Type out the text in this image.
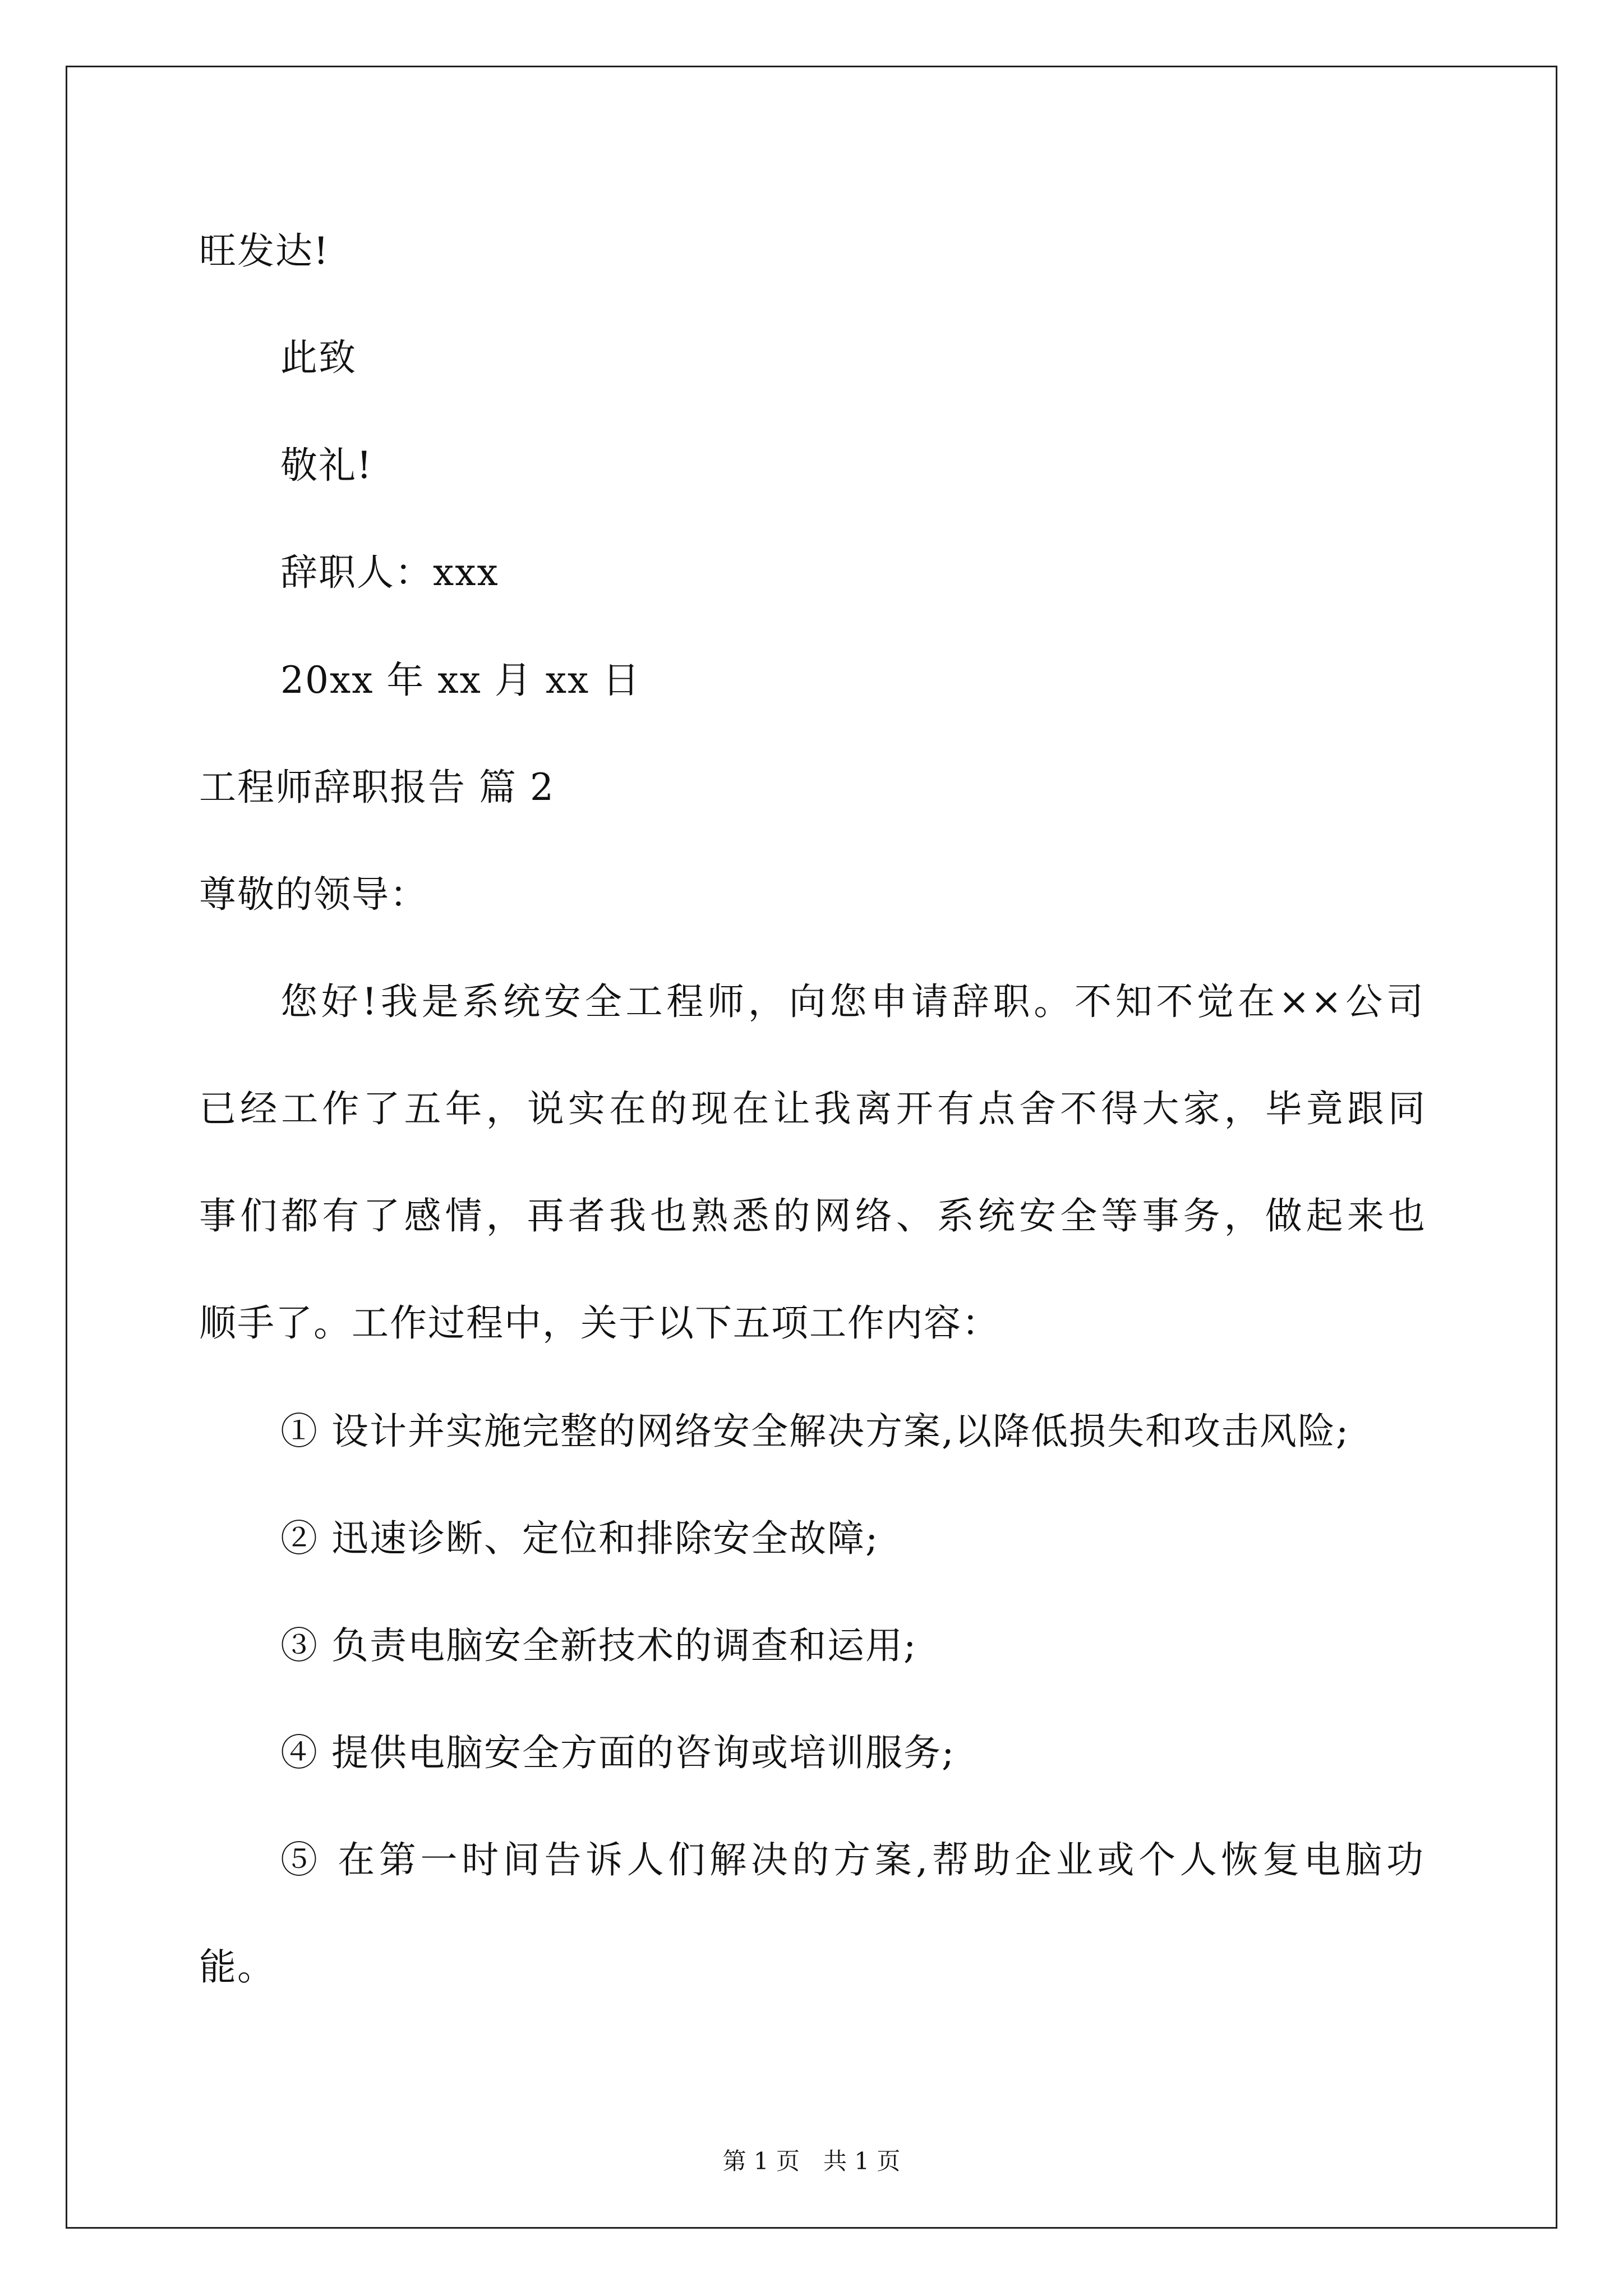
旺发达!
此致
敬礼!
辞职人：xxx
20xx 年 xx 月 xx 日
工程师辞职报告 篇 2
尊敬的领导：
您好!我是系统安全工程师，向您申请辞职。不知不觉在××公司
已经工作了五年，说实在的现在让我离开有点舍不得大家，毕竟跟同
事们都有了感情，再者我也熟悉的网络、系统安全等事务，做起来也
顺手了。工作过程中，关于以下五项工作内容：
① 设计并实施完整的网络安全解决方案,以降低损失和攻击风险;
② 迅速诊断、定位和排除安全故障;
③ 负责电脑安全新技术的调查和运用;
④ 提供电脑安全方面的咨询或培训服务;
⑤ 在第一时间告诉人们解决的方案,帮助企业或个人恢复电脑功
能。
第 1 页　共 1 页
